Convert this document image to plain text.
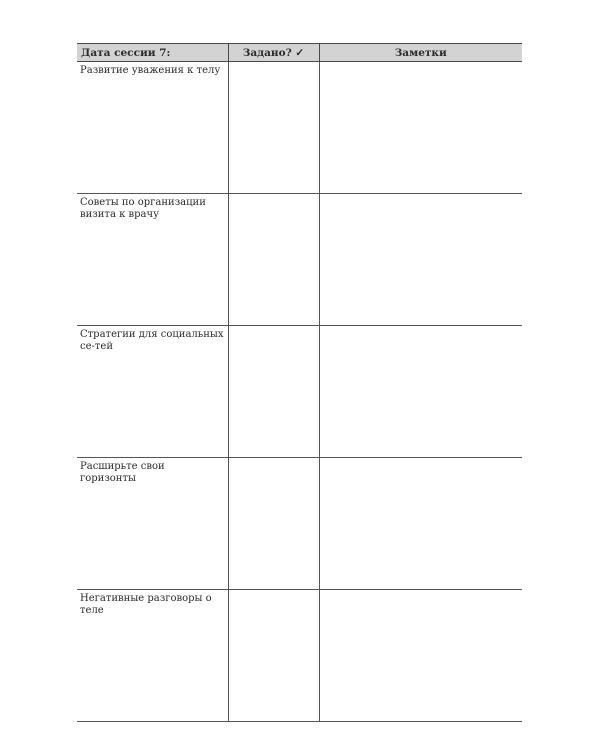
Дата сессии 7:	Задано? ✓	Заметки
Развитие уважения к телу		
Советы по организации визита к врачу		
Стратегии для социальных се-тей		
Расширьте свои горизонты		
Негативные разговоры о теле		
